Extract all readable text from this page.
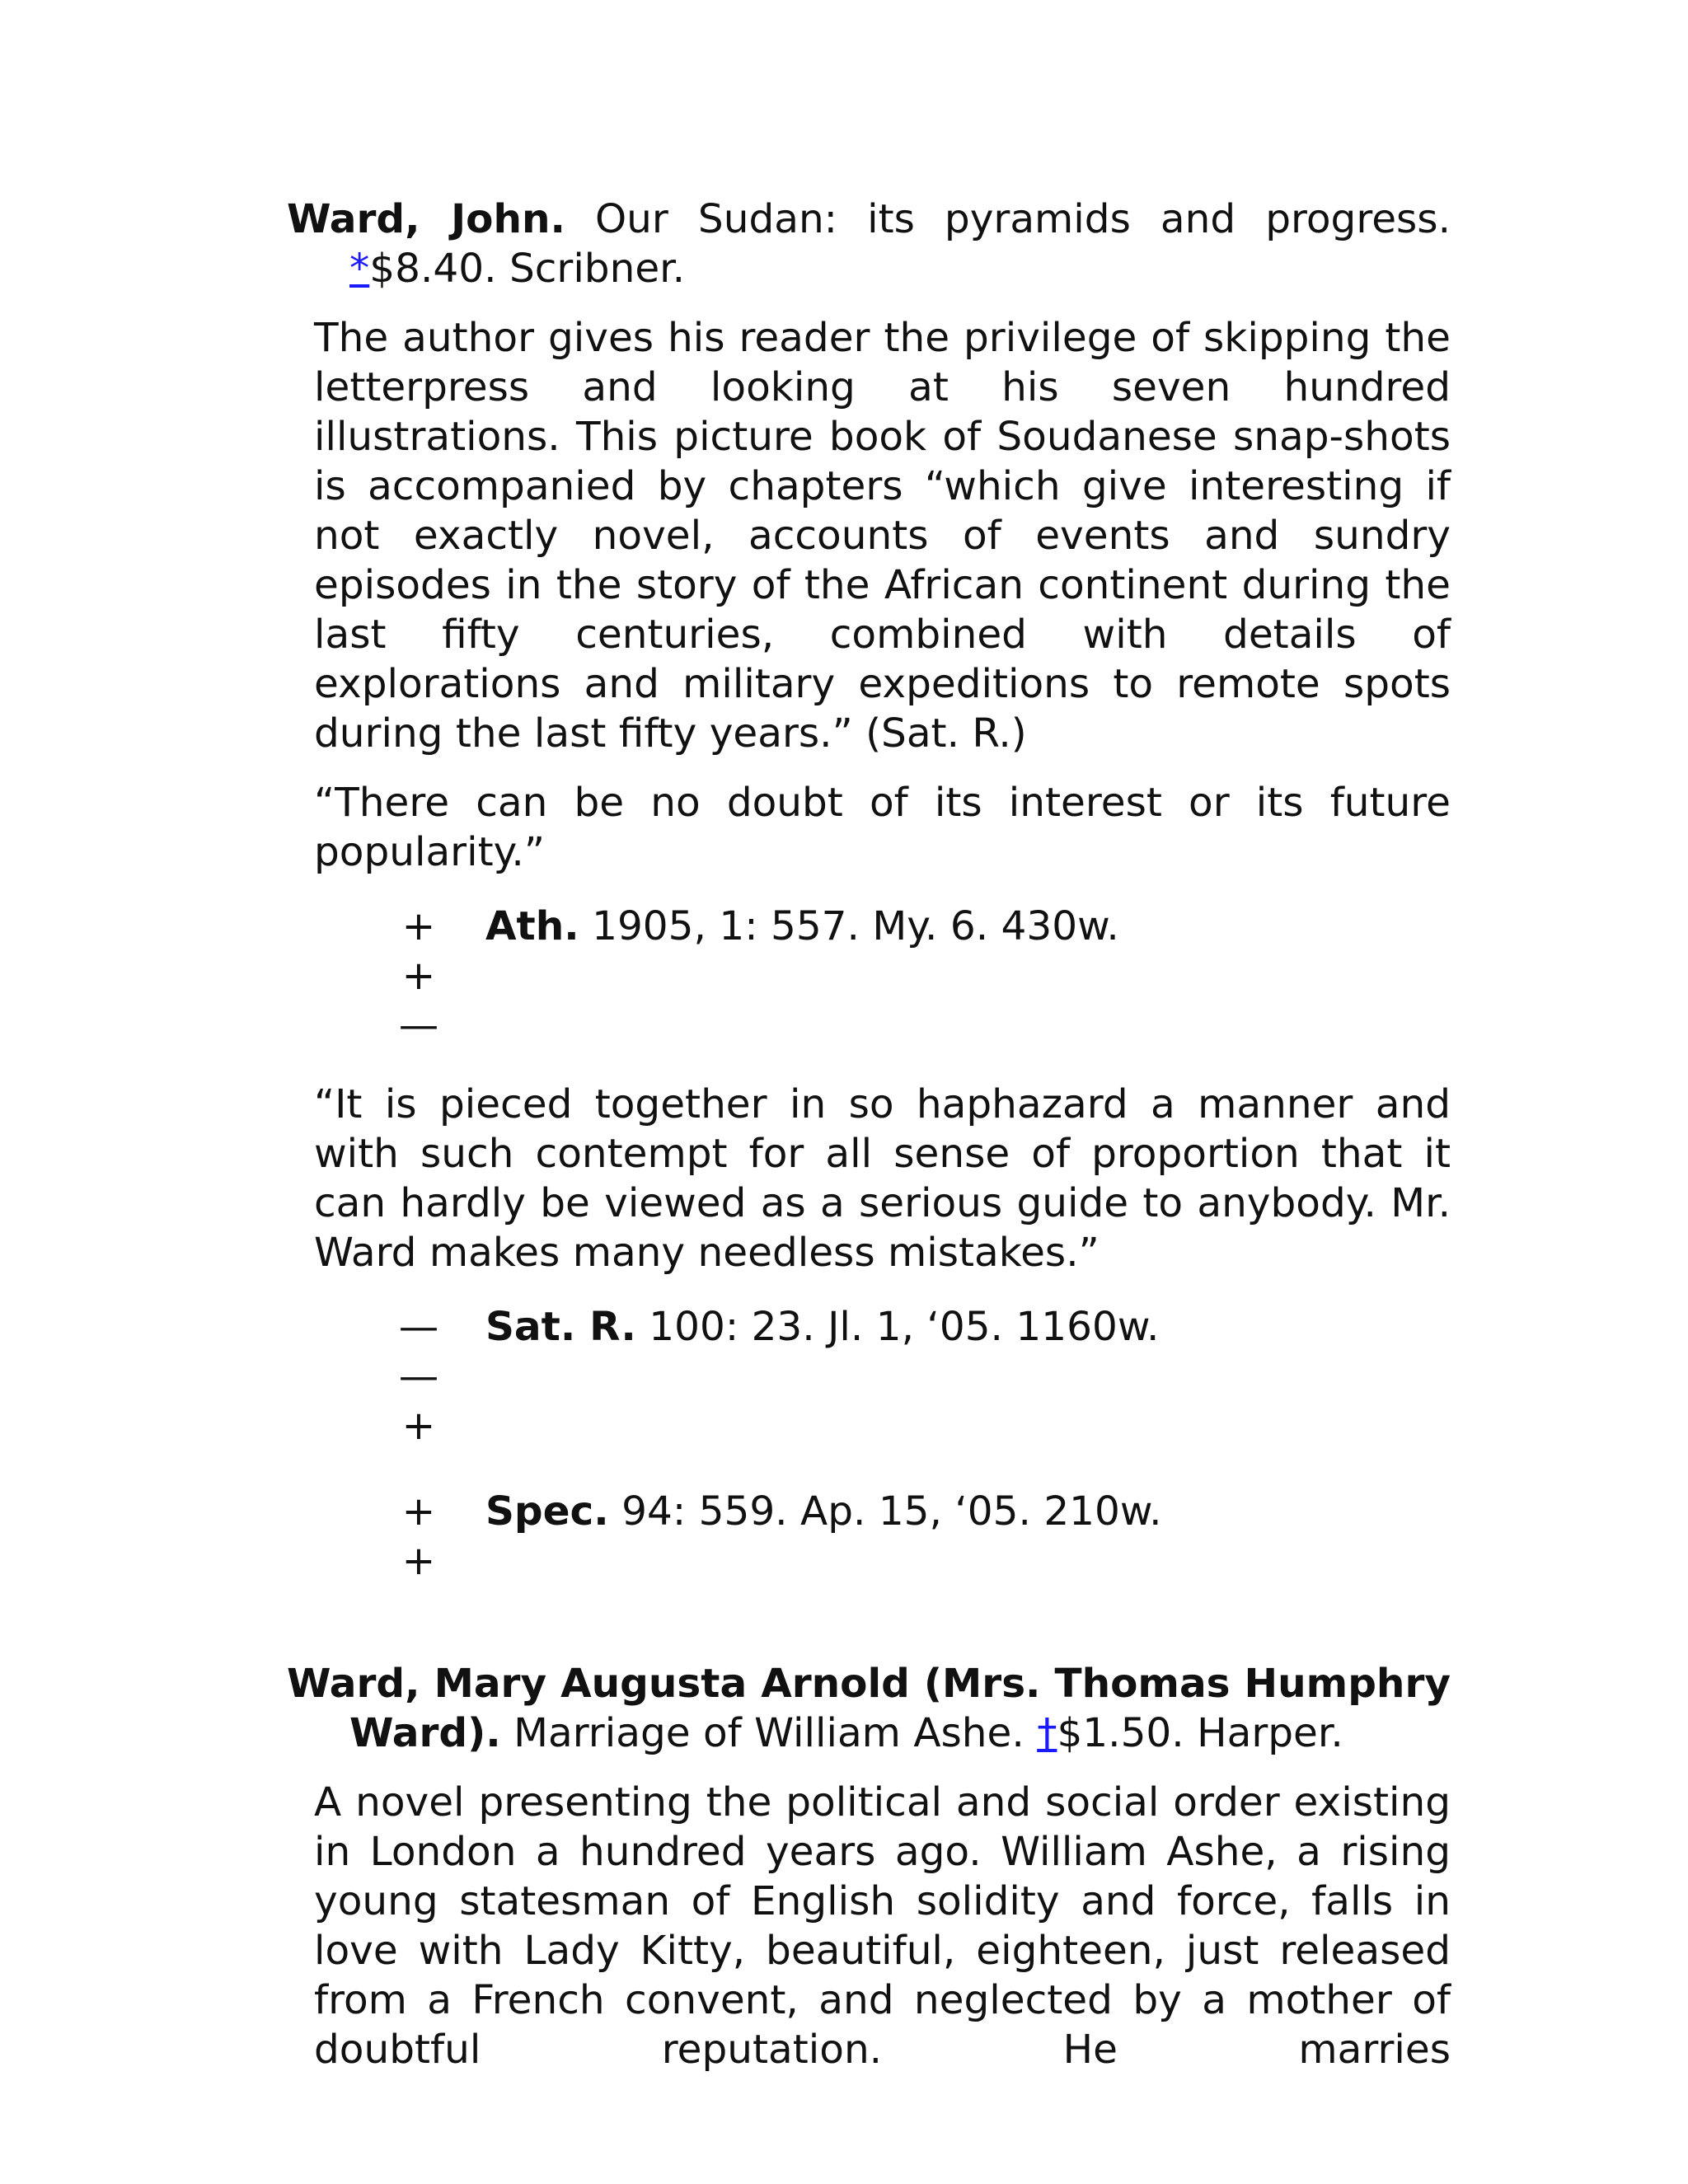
Ward, John. Our Sudan: its pyramids and progress. *$8.40. Scribner.

The author gives his reader the privilege of skipping the letterpress and looking at his seven hundred illustrations. This picture book of Soudanese snap-shots is accompanied by chapters “which give interesting if not exactly novel, accounts of events and sundry episodes in the story of the African continent during the last fifty centuries, combined with details of explorations and military expeditions to remote spots during the last fifty years.” (Sat. R.)

“There can be no doubt of its interest or its future popularity.”

+
+
—
Ath. 1905, 1: 557. My. 6. 430w.

“It is pieced together in so haphazard a manner and with such contempt for all sense of proportion that it can hardly be viewed as a serious guide to anybody. Mr. Ward makes many needless mistakes.”

—
—
+
Sat. R. 100: 23. Jl. 1, ‘05. 1160w.
+
+
Spec. 94: 559. Ap. 15, ‘05. 210w.

Ward, Mary Augusta Arnold (Mrs. Thomas Humphry Ward). Marriage of William Ashe. †$1.50. Harper.

A novel presenting the political and social order existing in London a hundred years ago. William Ashe, a rising young statesman of English solidity and force, falls in love with Lady Kitty, beautiful, eighteen, just released from a French convent, and neglected by a mother of doubtful reputation. He marries
